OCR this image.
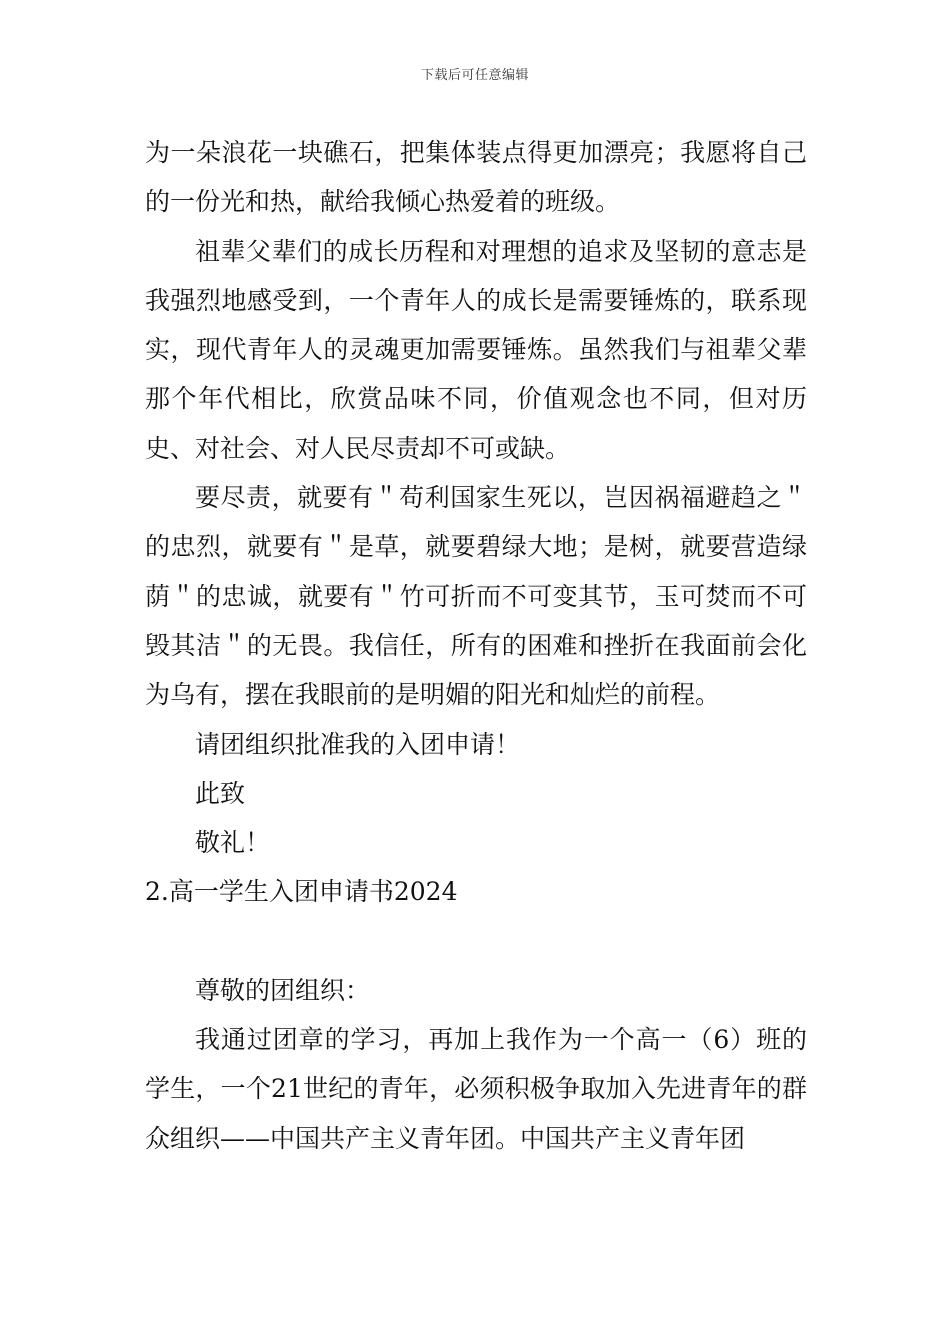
下载后可任意编辑

为一朵浪花一块礁石，把集体装点得更加漂亮；我愿将自己的一份光和热，献给我倾心热爱着的班级。

祖辈父辈们的成长历程和对理想的追求及坚韧的意志是我强烈地感受到，一个青年人的成长是需要锤炼的，联系现实，现代青年人的灵魂更加需要锤炼。虽然我们与祖辈父辈那个年代相比，欣赏品味不同，价值观念也不同，但对历史、对社会、对人民尽责却不可或缺。

要尽责，就要有＂苟利国家生死以，岂因祸福避趋之＂的忠烈，就要有＂是草，就要碧绿大地；是树，就要营造绿荫＂的忠诚，就要有＂竹可折而不可变其节，玉可焚而不可毁其洁＂的无畏。我信任，所有的困难和挫折在我面前会化为乌有，摆在我眼前的是明媚的阳光和灿烂的前程。

请团组织批准我的入团申请！

此致

敬礼！

2.高一学生入团申请书2024

尊敬的团组织：

我通过团章的学习，再加上我作为一个高一（6）班的学生，一个21世纪的青年，必须积极争取加入先进青年的群众组织——中国共产主义青年团。中国共产主义青年团
